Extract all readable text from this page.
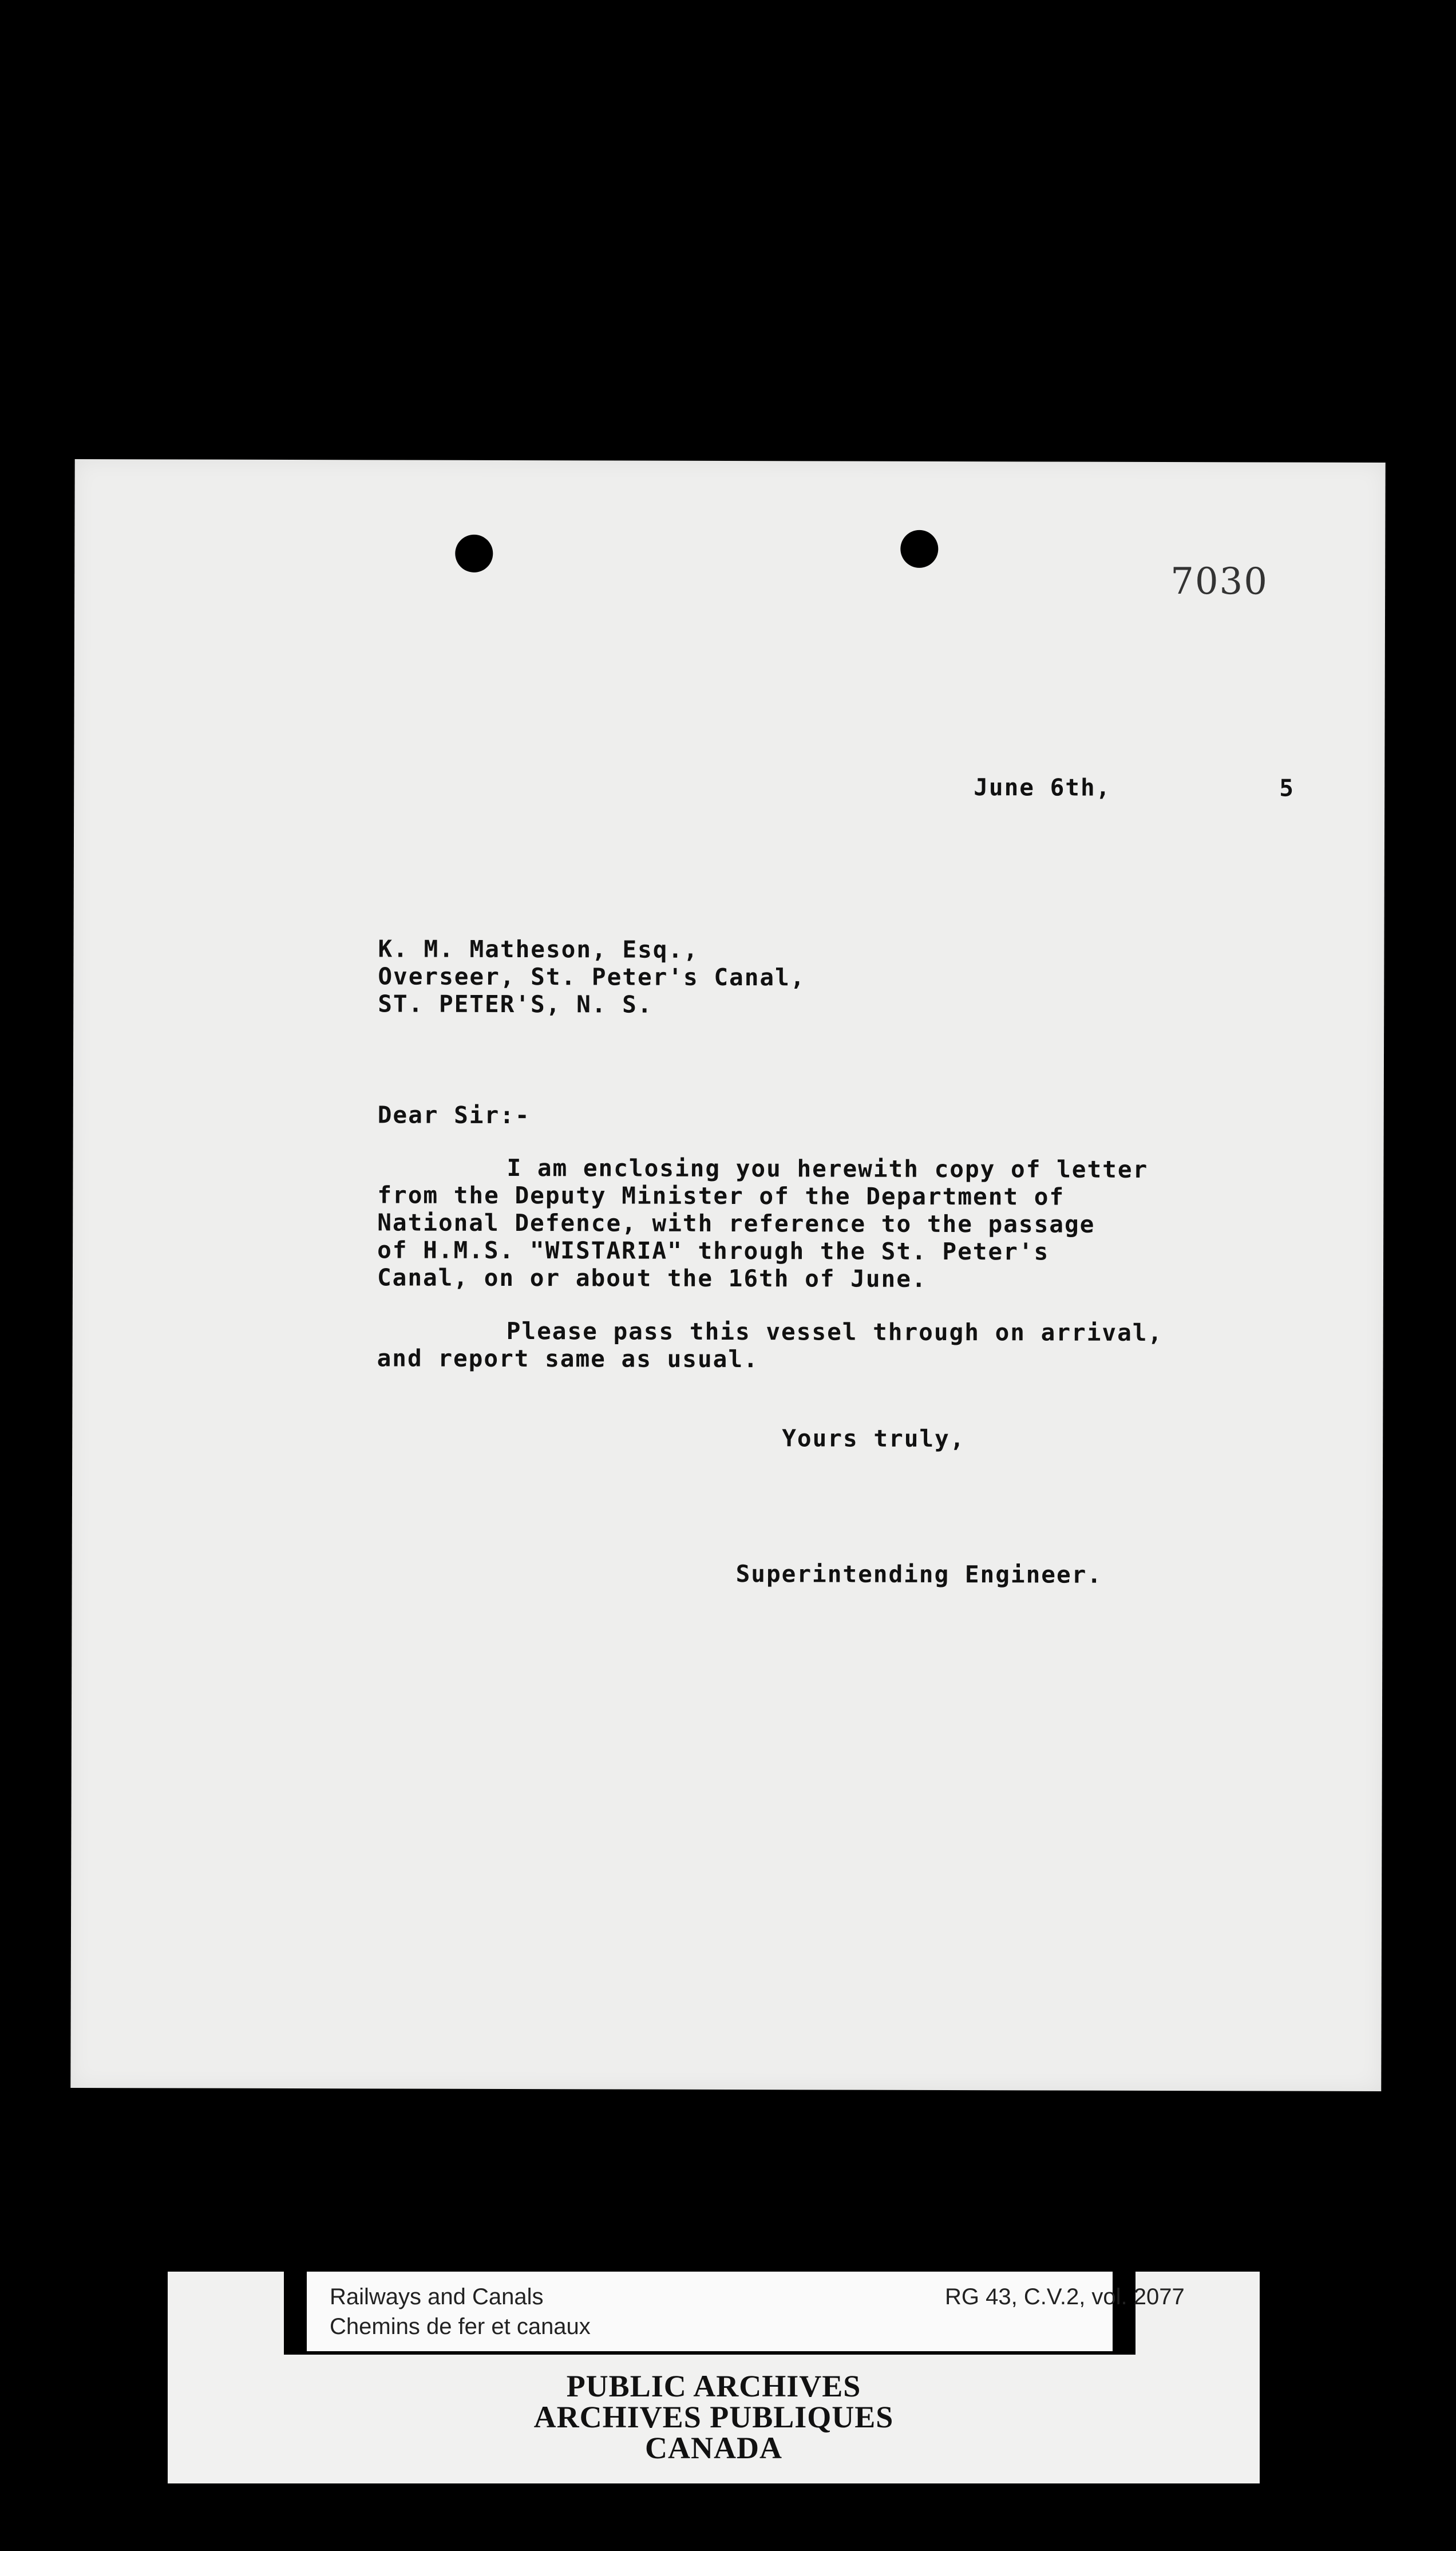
7030
June 6th,	5
K. M. Matheson, Esq.,
Overseer, St. Peter's Canal,
ST. PETER'S, N. S.
Dear Sir:-
I am enclosing you herewith copy of letter
from the Deputy Minister of the Department of
National Defence, with reference to the passage
of H.M.S. "WISTARIA" through the St. Peter's
Canal, on or about the 16th of June.
Please pass this vessel through on arrival,
and report same as usual.
Yours truly,
Superintending Engineer.
Railways and Canals
Chemins de fer et canaux
RG 43, C.V.2, vol. 2077
PUBLIC ARCHIVES
ARCHIVES PUBLIQUES
CANADA
